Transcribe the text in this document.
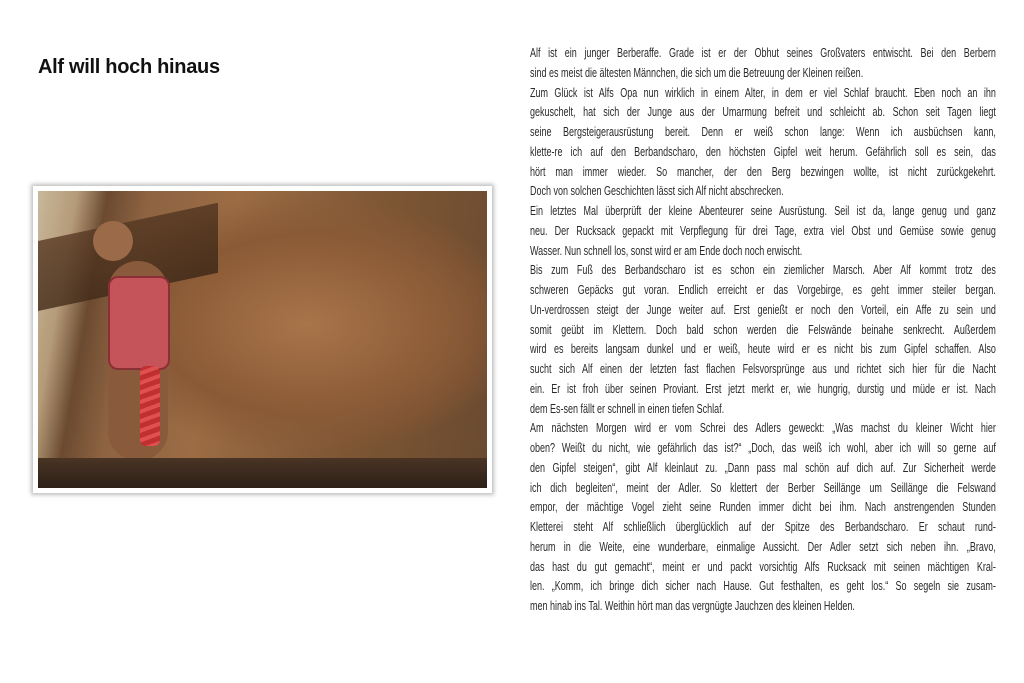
Alf will hoch hinaus
Alf ist ein junger Berberaffe. Grade ist er der Obhut seines Großvaters entwischt. Bei den Berbern
sind es meist die ältesten Männchen, die sich um die Betreuung der Kleinen reißen.
Zum Glück ist Alfs Opa nun wirklich in einem Alter, in dem er viel Schlaf braucht. Eben noch an ihn
gekuschelt, hat sich der Junge aus der Umarmung befreit und schleicht ab. Schon seit Tagen liegt
seine Bergsteigerausrüstung bereit. Denn er weiß schon lange: Wenn ich ausbüchsen kann,
klette-re ich auf den Berbandscharo, den höchsten Gipfel weit herum. Gefährlich soll es sein, das
hört man immer wieder. So mancher, der den Berg bezwingen wollte, ist nicht zurückgekehrt.
Doch von solchen Geschichten lässt sich Alf nicht abschrecken.
Ein letztes Mal überprüft der kleine Abenteurer seine Ausrüstung. Seil ist da, lange genug und ganz
neu. Der Rucksack gepackt mit Verpflegung für drei Tage, extra viel Obst und Gemüse sowie genug
Wasser. Nun schnell los, sonst wird er am Ende doch noch erwischt.
Bis zum Fuß des Berbandscharo ist es schon ein ziemlicher Marsch. Aber Alf kommt trotz des
schweren Gepäcks gut voran. Endlich erreicht er das Vorgebirge, es geht immer steiler bergan.
Un-verdrossen steigt der Junge weiter auf. Erst genießt er noch den Vorteil, ein Affe zu sein und
somit geübt im Klettern. Doch bald schon werden die Felswände beinahe senkrecht. Außerdem
wird es bereits langsam dunkel und er weiß, heute wird er es nicht bis zum Gipfel schaffen. Also
sucht sich Alf einen der letzten fast flachen Felsvorsprünge aus und richtet sich hier für die Nacht
ein. Er ist froh über seinen Proviant. Erst jetzt merkt er, wie hungrig, durstig und müde er ist. Nach
dem Es-sen fällt er schnell in einen tiefen Schlaf.
Am nächsten Morgen wird er vom Schrei des Adlers geweckt: „Was machst du kleiner Wicht hier
oben? Weißt du nicht, wie gefährlich das ist?“ „Doch, das weiß ich wohl, aber ich will so gerne auf
den Gipfel steigen“, gibt Alf kleinlaut zu. „Dann pass mal schön auf dich auf. Zur Sicherheit werde
ich dich begleiten“, meint der Adler. So klettert der Berber Seillänge um Seillänge die Felswand
empor, der mächtige Vogel zieht seine Runden immer dicht bei ihm. Nach anstrengenden Stunden
Kletterei steht Alf schließlich überglücklich auf der Spitze des Berbandscharo. Er schaut rund-
herum in die Weite, eine wunderbare, einmalige Aussicht. Der Adler setzt sich neben ihn. „Bravo,
das hast du gut gemacht“, meint er und packt vorsichtig Alfs Rucksack mit seinen mächtigen Kral-
len. „Komm, ich bringe dich sicher nach Hause. Gut festhalten, es geht los.“ So segeln sie zusam-
men hinab ins Tal. Weithin hört man das vergnügte Jauchzen des kleinen Helden.
